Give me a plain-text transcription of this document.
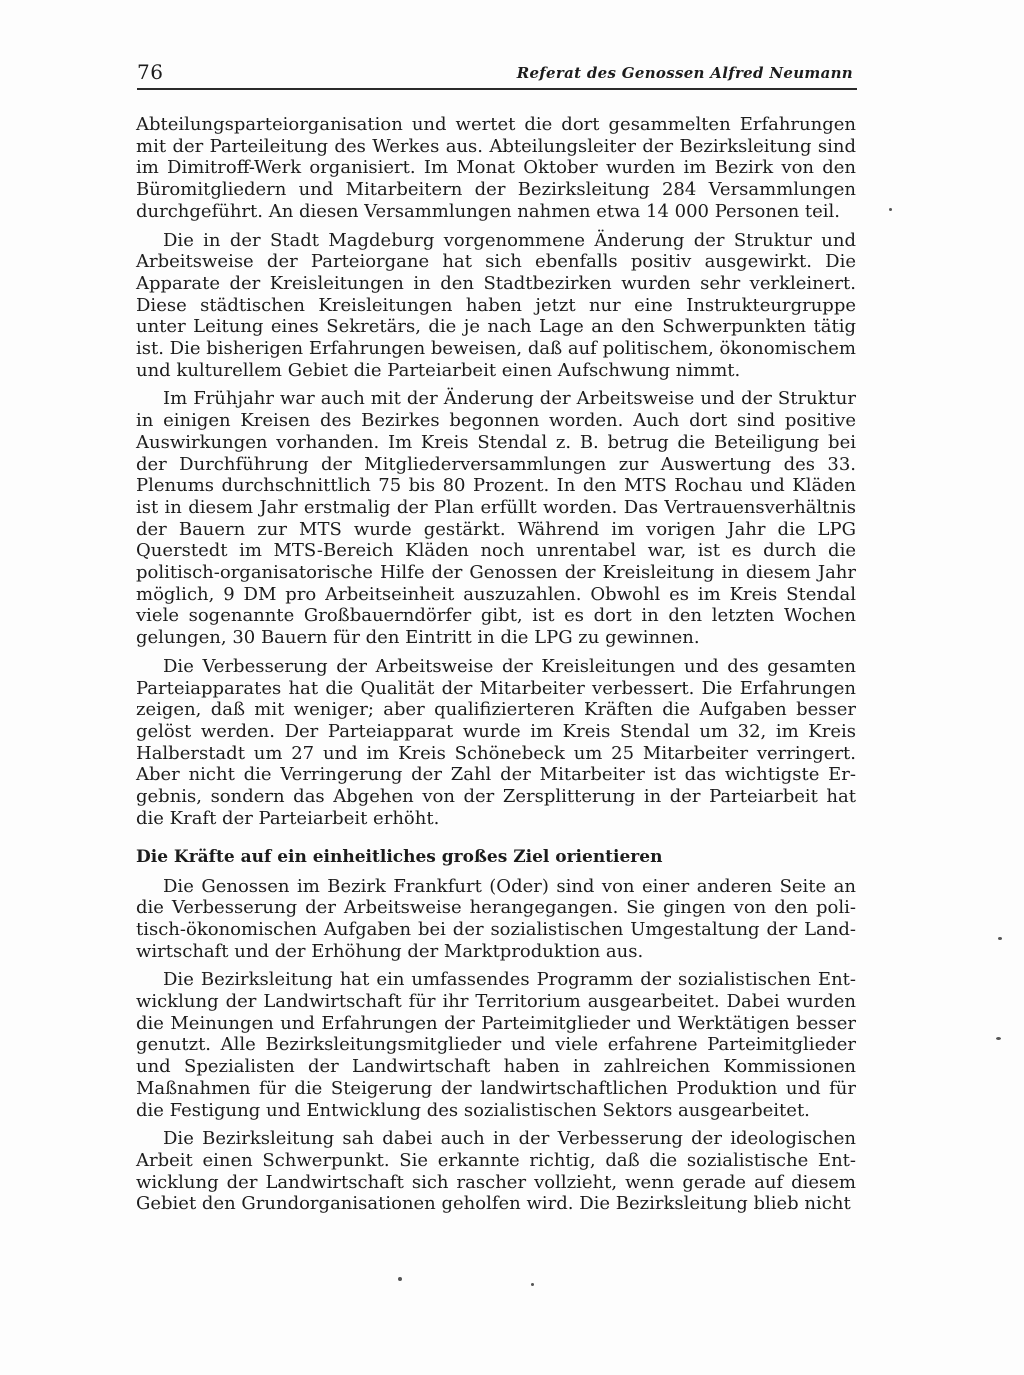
76	Referat des Genossen Alfred Neumann

Abteilungsparteiorganisation und wertet die dort gesammelten Erfahrungen mit der Parteileitung des Werkes aus. Abteilungsleiter der Bezirksleitung sind im Dimitroff-Werk organisiert. Im Monat Oktober wurden im Bezirk von den Büromitgliedern und Mitarbeitern der Bezirksleitung 284 Versammlungen durchgeführt. An diesen Versammlungen nahmen etwa 14 000 Personen teil.

Die in der Stadt Magdeburg vorgenommene Änderung der Struktur und Arbeitsweise der Parteiorgane hat sich ebenfalls positiv ausgewirkt. Die Apparate der Kreisleitungen in den Stadtbezirken wurden sehr verkleinert. Diese städtischen Kreisleitungen haben jetzt nur eine Instrukteurgruppe unter Leitung eines Sekretärs, die je nach Lage an den Schwerpunkten tätig ist. Die bisherigen Erfahrungen beweisen, daß auf politischem, ökonomischem und kulturellem Gebiet die Parteiarbeit einen Aufschwung nimmt.

Im Frühjahr war auch mit der Änderung der Arbeitsweise und der Struktur in einigen Kreisen des Bezirkes begonnen worden. Auch dort sind positive Auswirkungen vorhanden. Im Kreis Stendal z. B. betrug die Beteiligung bei der Durchführung der Mitgliederversammlungen zur Auswertung des 33. Plenums durchschnittlich 75 bis 80 Prozent. In den MTS Rochau und Kläden ist in diesem Jahr erstmalig der Plan erfüllt worden. Das Vertrauensverhältnis der Bauern zur MTS wurde gestärkt. Während im vorigen Jahr die LPG Querstedt im MTS-Bereich Kläden noch unrentabel war, ist es durch die politisch-organisatorische Hilfe der Genossen der Kreisleitung in diesem Jahr möglich, 9 DM pro Arbeitseinheit auszuzahlen. Obwohl es im Kreis Stendal viele sogenannte Großbauerndörfer gibt, ist es dort in den letzten Wochen gelungen, 30 Bauern für den Eintritt in die LPG zu gewinnen.

Die Verbesserung der Arbeitsweise der Kreisleitungen und des gesamten Parteiapparates hat die Qualität der Mitarbeiter verbessert. Die Erfahrungen zeigen, daß mit weniger; aber qualifizierteren Kräften die Aufgaben besser gelöst werden. Der Parteiapparat wurde im Kreis Stendal um 32, im Kreis Halberstadt um 27 und im Kreis Schönebeck um 25 Mitarbeiter verringert. Aber nicht die Verringerung der Zahl der Mitarbeiter ist das wichtigste Ergebnis, sondern das Abgehen von der Zersplitterung in der Parteiarbeit hat die Kraft der Parteiarbeit erhöht.

Die Kräfte auf ein einheitliches großes Ziel orientieren

Die Genossen im Bezirk Frankfurt (Oder) sind von einer anderen Seite an die Verbesserung der Arbeitsweise herangegangen. Sie gingen von den politisch-ökonomischen Aufgaben bei der sozialistischen Umgestaltung der Landwirtschaft und der Erhöhung der Marktproduktion aus.

Die Bezirksleitung hat ein umfassendes Programm der sozialistischen Entwicklung der Landwirtschaft für ihr Territorium ausgearbeitet. Dabei wurden die Meinungen und Erfahrungen der Parteimitglieder und Werktätigen besser genutzt. Alle Bezirksleitungsmitglieder und viele erfahrene Parteimitglieder und Spezialisten der Landwirtschaft haben in zahlreichen Kommissionen Maßnahmen für die Steigerung der landwirtschaftlichen Produktion und für die Festigung und Entwicklung des sozialistischen Sektors ausgearbeitet.

Die Bezirksleitung sah dabei auch in der Verbesserung der ideologischen Arbeit einen Schwerpunkt. Sie erkannte richtig, daß die sozialistische Entwicklung der Landwirtschaft sich rascher vollzieht, wenn gerade auf diesem Gebiet den Grundorganisationen geholfen wird. Die Bezirksleitung blieb nicht
